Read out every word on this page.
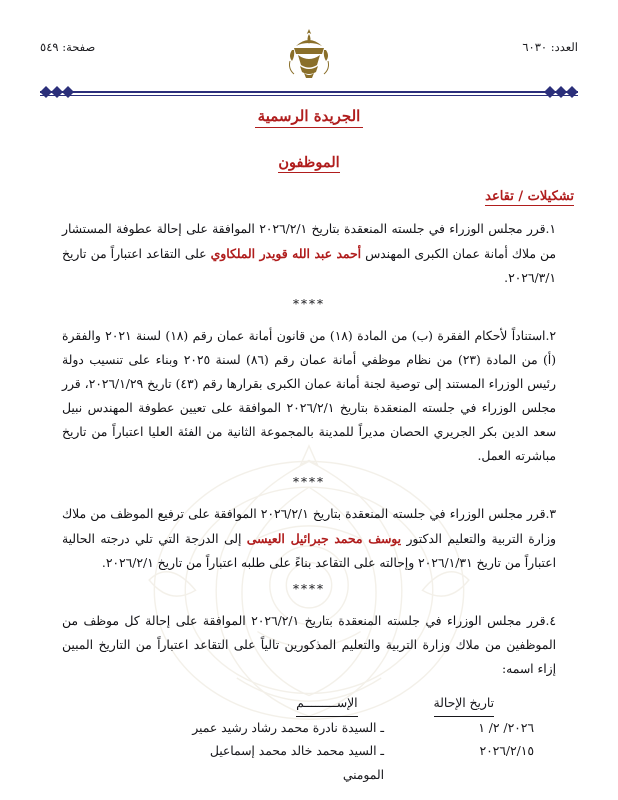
العدد: ٦٠٣٠
صفحة: ٥٤٩
الجريدة الرسمية
الموظفون
تشكيلات / تقاعد
١.قرر مجلس الوزراء في جلسته المنعقدة بتاريخ ٢٠٢٦/٢/١ الموافقة على إحالة عطوفة المستشار من ملاك أمانة عمان الكبرى المهندس أحمد عبد الله قويدر الملكاوي على التقاعد اعتباراً من تاريخ ٢٠٢٦/٣/١.
****
٢.استناداً لأحكام الفقرة (ب) من المادة (١٨) من قانون أمانة عمان رقم (١٨) لسنة ٢٠٢١ والفقرة (أ) من المادة (٢٣) من نظام موظفي أمانة عمان رقم (٨٦) لسنة ٢٠٢٥ وبناء على تنسيب دولة رئيس الوزراء المستند إلى توصية لجنة أمانة عمان الكبرى بقرارها رقم (٤٣) تاريخ ٢٠٢٦/١/٢٩، قرر مجلس الوزراء في جلسته المنعقدة بتاريخ ٢٠٢٦/٢/١ الموافقة على تعيين عطوفة المهندس نبيل سعد الدين بكر الجريري الحصان مديراً للمدينة بالمجموعة الثانية من الفئة العليا اعتباراً من تاريخ مباشرته العمل.
****
٣.قرر مجلس الوزراء في جلسته المنعقدة بتاريخ ٢٠٢٦/٢/١ الموافقة على ترفيع الموظف من ملاك وزارة التربية والتعليم الدكتور يوسف محمد جبرائيل العيسى إلى الدرجة التي تلي درجته الحالية اعتباراً من تاريخ ٢٠٢٦/١/٣١ وإحالته على التقاعد بناءً على طلبه اعتباراً من تاريخ ٢٠٢٦/٢/١.
****
٤.قرر مجلس الوزراء في جلسته المنعقدة بتاريخ ٢٠٢٦/٢/١ الموافقة على إحالة كل موظف من الموظفين من ملاك وزارة التربية والتعليم المذكورين تالياً على التقاعد اعتباراً من التاريخ المبين إزاء اسمه:
تاريخ الإحالة
الإســـــــــم
٢٠٢٦/ ٢/ ١
ـ السيدة نادرة محمد رشاد رشيد عمير
٢٠٢٦/٢/١٥
ـ السيد محمد خالد محمد إسماعيل المومني
